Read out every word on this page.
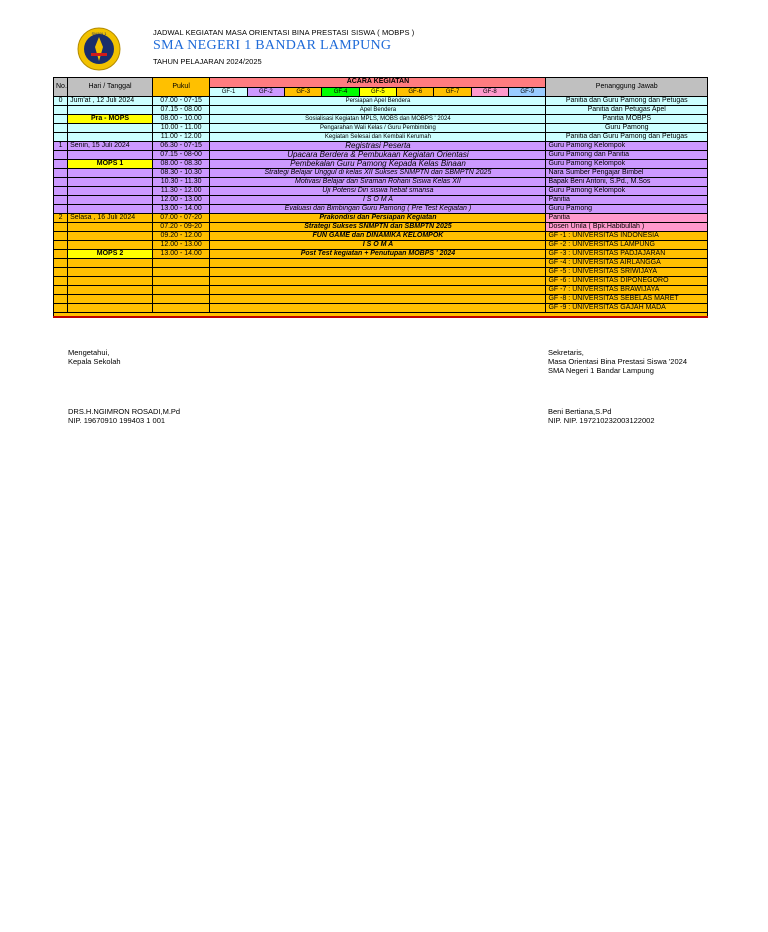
SMAN 1	JADWAL KEGIATAN MASA ORIENTASI BINA PRESTASI SISWA ( MOBPS )
SMA NEGERI 1 BANDAR LAMPUNG
TAHUN PELAJARAN 2024/2025
No.	Hari / Tanggal	Pukul	ACARA KEGIATAN									Penanggung Jawab
			GF-1	GF-2	GF-3	GF-4	GF-5	GF-6	GF-7	GF-8	GF-9	
0	Jum'at , 12 Juli 2024	07.00 - 07-15	Persiapan Apel Bendera									Panitia dan Guru Pamong dan Petugas
		07.15 - 08.00	Apel Bendera									Panitia dan Petugas Apel
	Pra - MOPS	08.00 - 10.00	Sosialisasi Kegiatan MPLS, MOBS dan MOBPS ' 2024									Panitia MOBPS
		10.00 - 11.00	Pengarahan Wali Kelas / Guru Pembimbing									Guru Pamong
		11.00 - 12.00	Kegiatan Selesai dan Kembali Kerumah									Panitia dan Guru Pamong dan Petugas
1	Senin, 15 Juli 2024	06.30 - 07-15	Registrasi Peserta									Guru Pamong Kelompok
		07.15 - 08-00	Upacara Berdera & Pembukaan Kegiatan Orientasi									Guru Pamong dan Panitia
	MOPS 1	08.00 - 08.30	Pembekalan Guru Pamong Kepada Kelas Binaan									Guru Pamong Kelompok
		08.30 - 10.30	Strategi Belajar Unggul di kelas XII Sukses SNMPTN dan SBMPTN 2025									Nara Sumber Pengajar Bimbel
		10.30 - 11.30	Motivasi Belajar dan Siraman Rohani Siswa Kelas XII									Bapak Beni Antoni, S.Pd., M.Sos
		11.30 - 12.00	Uji Potensi Diri siswa hebat smansa									Guru Pamong Kelompok
		12.00 - 13.00	I S O M A									Panitia
		13.00 - 14.00	Evaluasi dan Bimbingan Guru Pamong ( Pre Test Kegiatan )									Guru Pamong
2	Selasa , 16 Juli 2024	07.00 - 07-20	Prakondisi dan Persiapan Kegiatan									Panitia
		07.20 - 09-20	Strategi Sukses SNMPTN dan SBMPTN 2025									Dosen Unila ( Bpk.Habibullah )
		09.20 - 12.00	FUN GAME dan DINAMIKA KELOMPOK									GF -1 : UNIVERSITAS INDONESIA
		12.00 - 13.00	I S O M A									GF -2 : UNIVERSITAS LAMPUNG
	MOPS 2	13.00 - 14.00	Post Test kegiatan + Penutupan MOBPS ' 2024									GF -3 : UNIVERSITAS PADJAJARAN
												GF -4 : UNIVERSITAS AIRLANGGA
												GF -5 : UNIVERSITAS SRIWIJAYA
												GF -6 : UNIVERSITAS DIPONEGORO
												GF -7 : UNIVERSITAS BRAWIJAYA
												GF -8 : UNIVERSITAS SEBELAS MARET
												GF -9 : UNIVERSITAS GAJAH MADA

Mengetahui,
Kepala Sekolah
DRS.H.NGIMRON ROSADI,M.Pd
NIP. 19670910 199403 1 001
Sekretaris,
Masa Orientasi Bina Prestasi Siswa '2024
SMA Negeri 1 Bandar Lampung
Beni Bertiana,S.Pd
NIP. NIP. 197210232003122002
